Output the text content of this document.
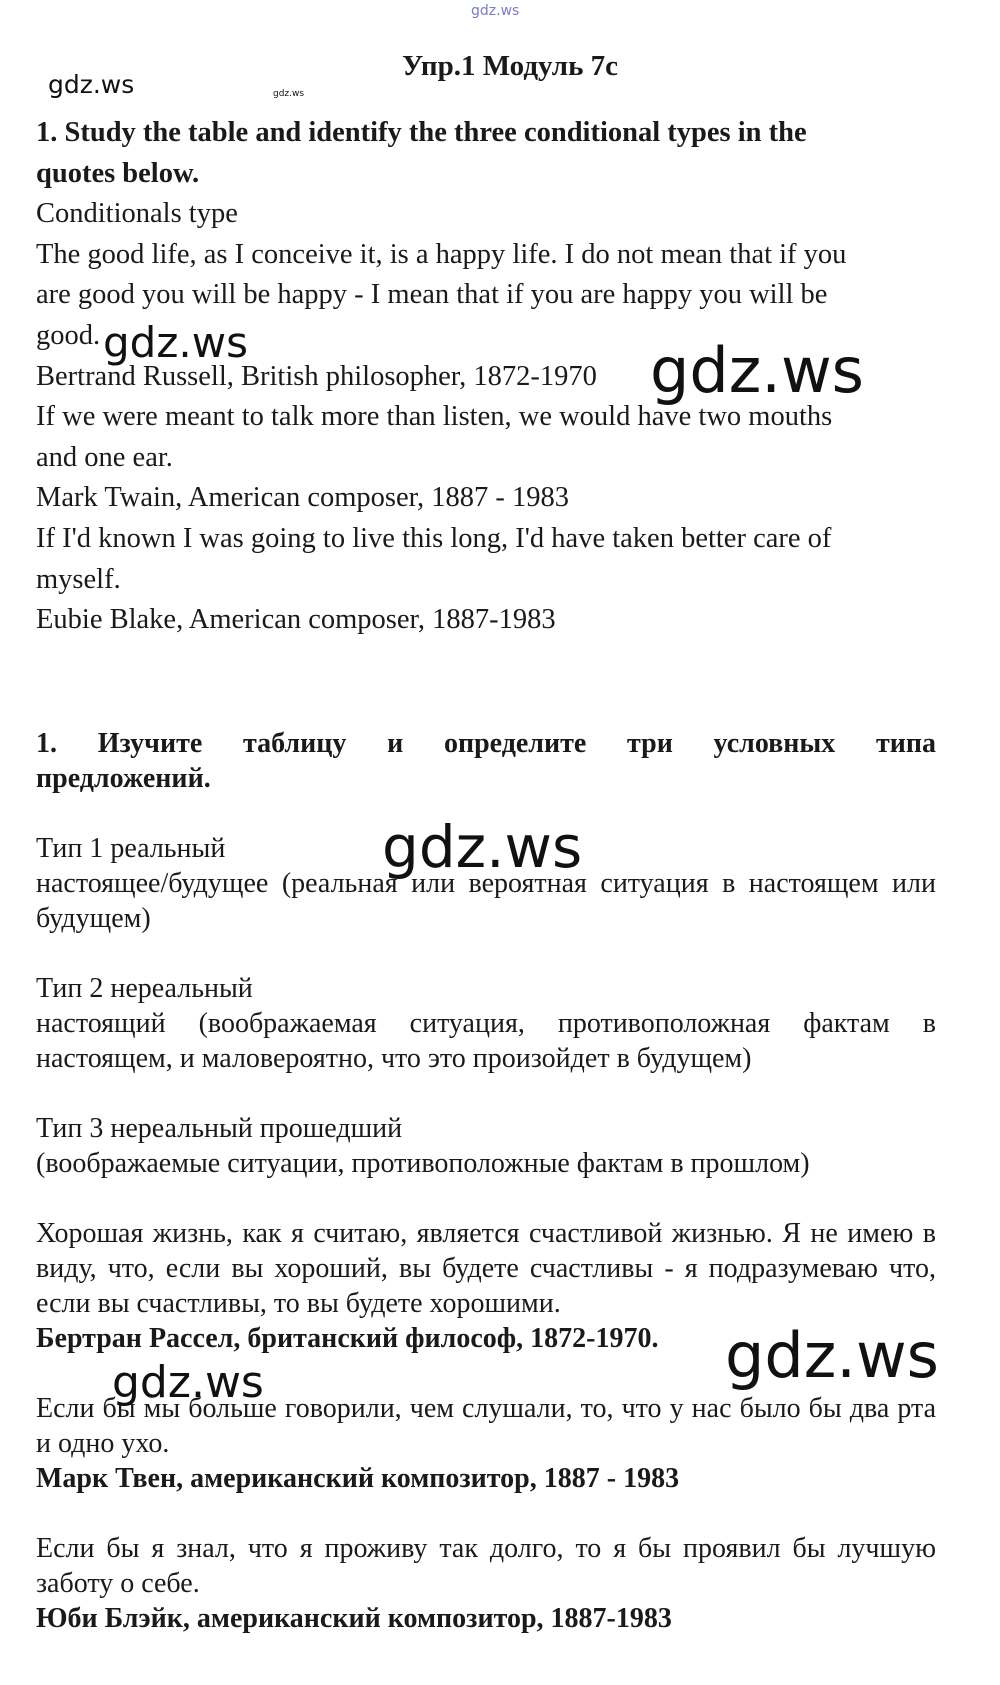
gdz.ws
gdz.ws	gdz.ws
Упр.1 Модуль 7с

1. Study the table and identify the three conditional types in the

quotes below.

Conditionals type

The good life, as I conceive it, is a happy life. I do not mean that if you

are good you will be happy - I mean that if you are happy you will be

good.

Bertrand Russell, British philosopher, 1872-1970

If we were meant to talk more than listen, we would have two mouths

and one ear.

Mark Twain, American composer, 1887 - 1983

If I'd known I was going to live this long, I'd have taken better care of

myself.

Eubie Blake, American composer, 1887-1983

1. Изучите таблицу и определите три условных типа

предложений.

Тип 1 реальный

настоящее/будущее (реальная или вероятная ситуация в настоящем или будущем)

Тип 2 нереальный

настоящий (воображаемая ситуация, противоположная фактам в настоящем, и маловероятно, что это произойдет в будущем)

Тип 3 нереальный прошедший

(воображаемые ситуации, противоположные фактам в прошлом)

Хорошая жизнь, как я считаю, является счастливой жизнью. Я не имею в виду, что, если вы хороший, вы будете счастливы - я подразумеваю что, если вы счастливы, то вы будете хорошими.

Бертран Рассел, британский философ, 1872-1970.

Если бы мы больше говорили, чем слушали, то, что у нас было бы два рта и одно ухо.

Марк Твен, американский композитор, 1887 - 1983

Если бы я знал, что я проживу так долго, то я бы проявил бы лучшую заботу о себе.

Юби Блэйк, американский композитор, 1887-1983

gdz.ws	gdz.ws
gdz.ws
gdz.ws
gdz.ws
